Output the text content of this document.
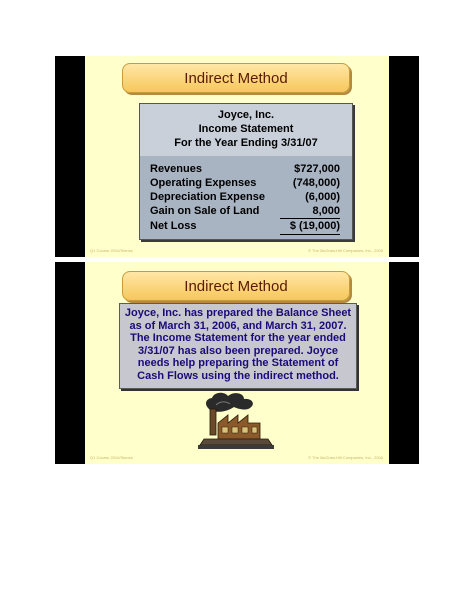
Indirect Method
Joyce, Inc.
Income Statement
For the Year Ending 3/31/07
Revenues	$727,000
Operating Expenses	(748,000)
Depreciation Expense	(6,000)
Gain on Sale of Land	8,000
Net Loss	$ (19,000)
Q1 Course 2010/Stanss	© The McGraw-Hill Companies, Inc., 2006
Indirect Method
Joyce, Inc. has prepared the Balance Sheet
as of March 31, 2006, and March 31, 2007.
The Income Statement for the year ended
3/31/07 has also been prepared. Joyce
needs help preparing the Statement of
Cash Flows using the indirect method.
Q1 Course 2010/Stanss	© The McGraw-Hill Companies, Inc., 2006
